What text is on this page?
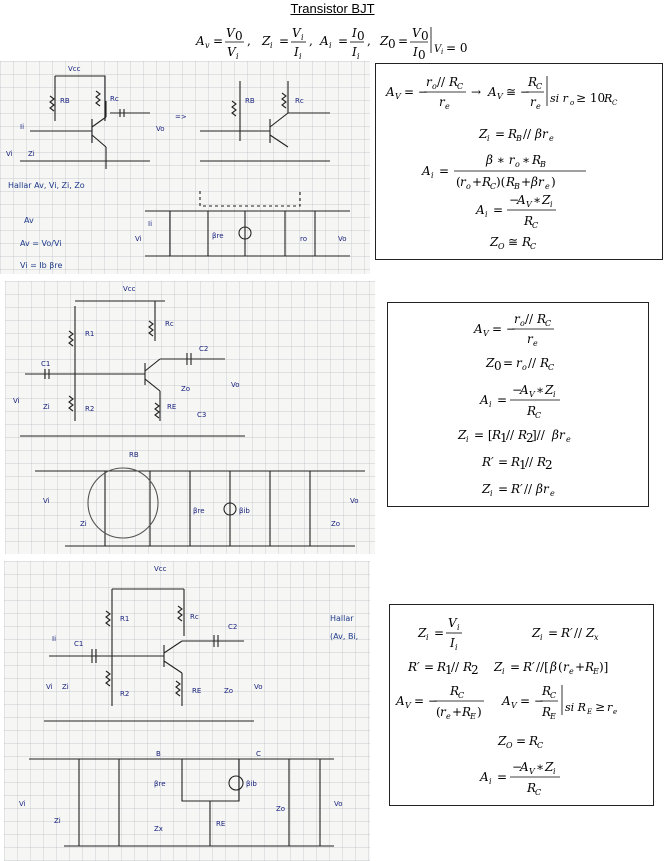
Transistor BJT
A v =
V 0
V i
, Z i =
V i
I i
, A i =
I 0
I i
, Z 0 =
V 0
I 0 V i = 0
Vcc
RB	Rc
Ii
Vi Zi
Vo
=>
RB	Rc
βre
Ii
Vi	ro	Vo
Hallar Av, Vi, Zi, Zo
Av
Av = Vo/Vi
Vi = Ib βre
A V = −
r o // R
C
r e
→ A V ≅ −
R
C
r e
si r o ≥ 10
R C
Z i = R
B // βr e
A i =
β ∗ r o ∗ R
B
( r o + R
C )( R
B + βr e )
A i =
−
A V ∗ Z i
R
C
Z O ≅ R
C
Vcc
R1
Rc
R2	RE
C1
C2
C3
Vi
Zi
Vo
Zo
RB
βre	βib
Vi	Vo
Zi	Zo
A V = −
r o // R
C
r e
Z 0 = r o // R
C
A i =
−
A V ∗ Z i
R
C
Z i = [ R
1
// R
2
]// βr e
R′ = R
1
// R
2
Z i = R′ // βr e
Vcc
R1	Rc
R2	RE
C1
C2
Ii
Vi Zi	Zo	Vo
B	C
βre	βib
RE
Zx
Vi	Vo
Zi
Zo
Hallar
(Av, Bi,	Z i =
V i
I i
Z i = R′ // Z x
R′ = R
1
// R
2 Z i = R′ //[ β ( r e + R
E )]
A V = −
R
C
( r e + R
E )
A V = −
R
C
R
E
si R E ≥ r e
Z O = R
C
A i =
−
A V ∗ Z i
R
C
